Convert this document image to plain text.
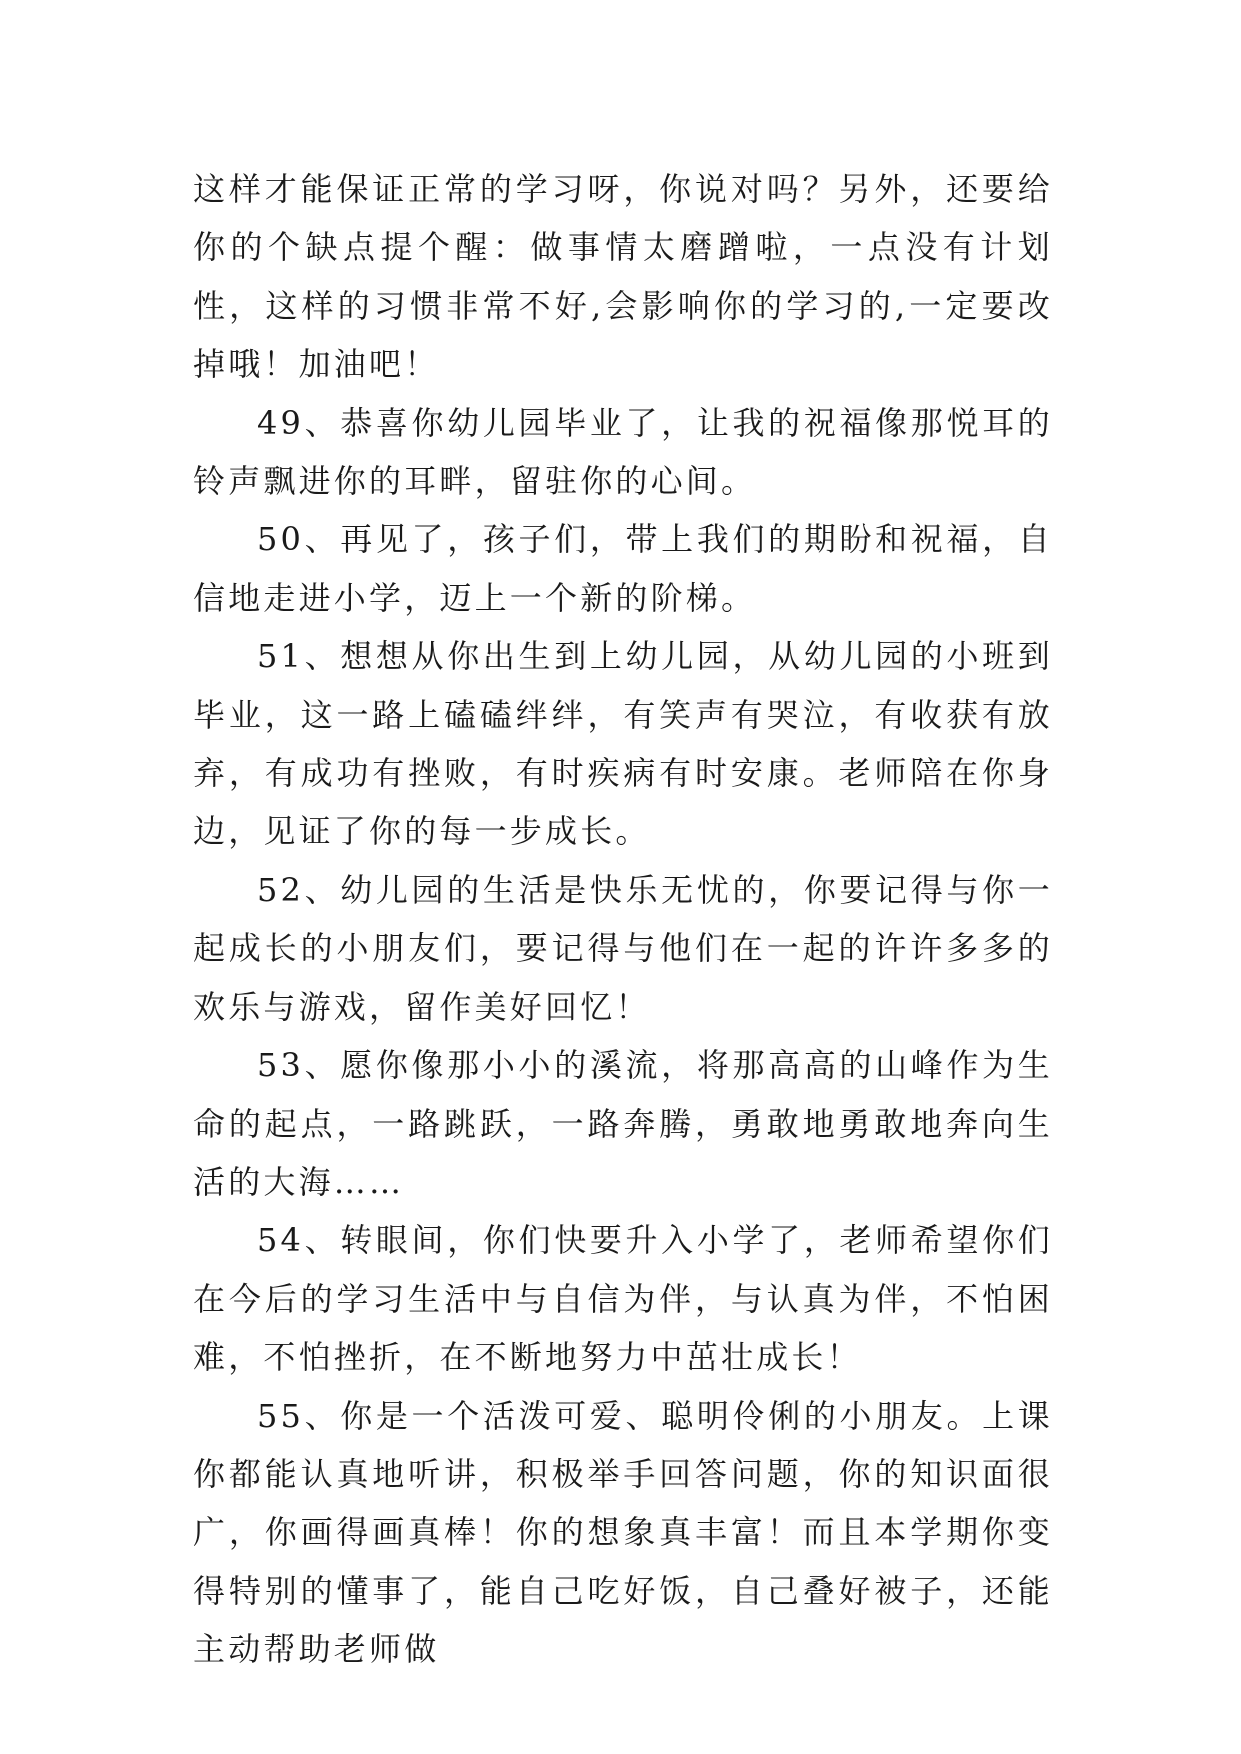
这样才能保证正常的学习呀，你说对吗？另外，还要给你的个缺点提个醒：做事情太磨蹭啦，一点没有计划性，这样的习惯非常不好,会影响你的学习的,一定要改掉哦！加油吧！

49、恭喜你幼儿园毕业了，让我的祝福像那悦耳的铃声飘进你的耳畔，留驻你的心间。

50、再见了，孩子们，带上我们的期盼和祝福，自信地走进小学，迈上一个新的阶梯。

51、想想从你出生到上幼儿园，从幼儿园的小班到毕业，这一路上磕磕绊绊，有笑声有哭泣，有收获有放弃，有成功有挫败，有时疾病有时安康。老师陪在你身边，见证了你的每一步成长。

52、幼儿园的生活是快乐无忧的，你要记得与你一起成长的小朋友们，要记得与他们在一起的许许多多的欢乐与游戏，留作美好回忆！

53、愿你像那小小的溪流，将那高高的山峰作为生命的起点，一路跳跃，一路奔腾，勇敢地勇敢地奔向生活的大海……

54、转眼间，你们快要升入小学了，老师希望你们在今后的学习生活中与自信为伴，与认真为伴，不怕困难，不怕挫折，在不断地努力中茁壮成长！

55、你是一个活泼可爱、聪明伶俐的小朋友。上课你都能认真地听讲，积极举手回答问题，你的知识面很广，你画得画真棒！你的想象真丰富！而且本学期你变得特别的懂事了，能自己吃好饭，自己叠好被子，还能主动帮助老师做
